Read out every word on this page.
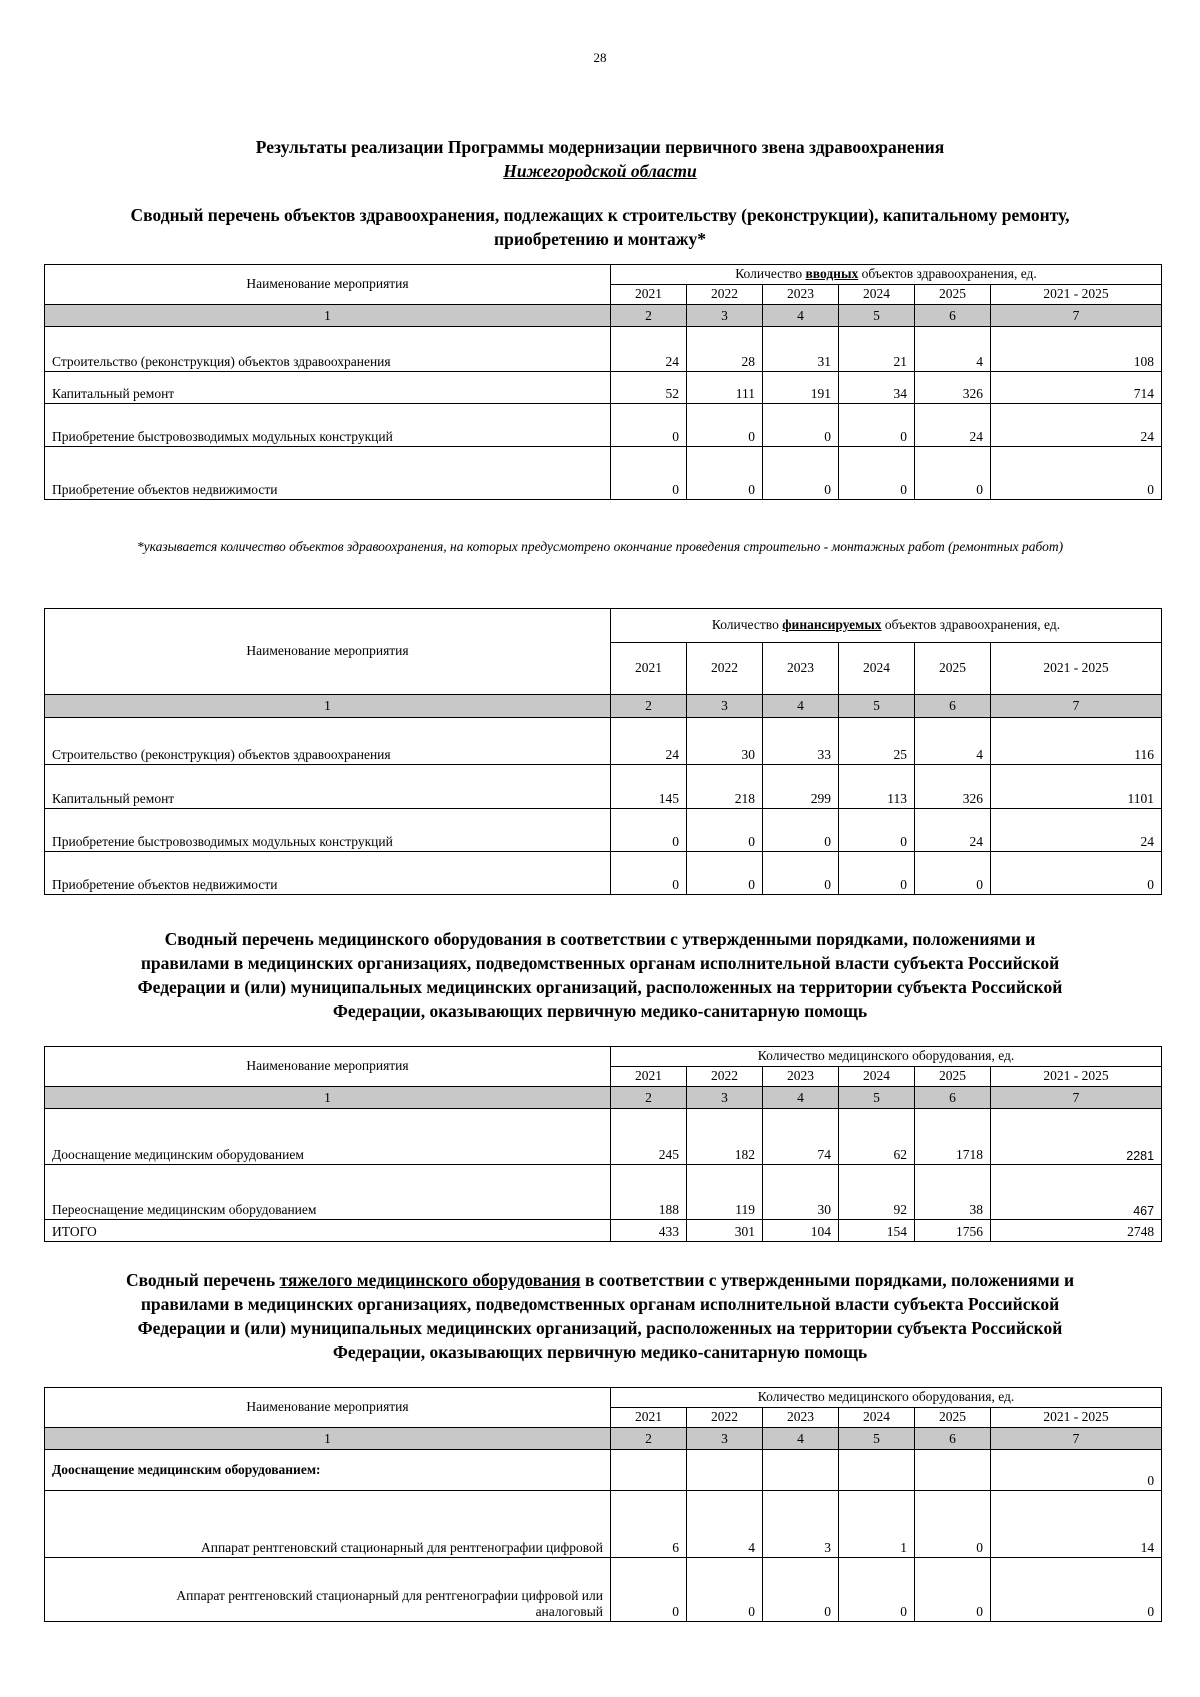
28
Результаты реализации Программы модернизации первичного звена здравоохранения
Нижегородской области
Сводный перечень объектов здравоохранения, подлежащих к строительству (реконструкции), капитальному ремонту,
приобретению и монтажу*
Наименование мероприятия	Количество вводных объектов здравоохранения, ед.					
	2021	2022	2023	2024	2025	2021 - 2025
1	2	3	4	5	6	7
Строительство (реконструкция) объектов здравоохранения	24	28	31	21	4	108
Капитальный ремонт	52	111	191	34	326	714
Приобретение быстровозводимых модульных конструкций	0	0	0	0	24	24
Приобретение объектов недвижимости	0	0	0	0	0	0
*указывается количество объектов здравоохранения, на которых предусмотрено окончание проведения строительно - монтажных работ (ремонтных работ)
Наименование мероприятия	Количество финансируемых объектов здравоохранения, ед.					
	2021	2022	2023	2024	2025	2021 - 2025
1	2	3	4	5	6	7
Строительство (реконструкция) объектов здравоохранения	24	30	33	25	4	116
Капитальный ремонт	145	218	299	113	326	1101
Приобретение быстровозводимых модульных конструкций	0	0	0	0	24	24
Приобретение объектов недвижимости	0	0	0	0	0	0
Сводный перечень медицинского оборудования в соответствии с утвержденными порядками, положениями и
правилами в медицинских организациях, подведомственных органам исполнительной власти субъекта Российской
Федерации и (или) муниципальных медицинских организаций, расположенных на территории субъекта Российской
Федерации, оказывающих первичную медико-санитарную помощь
Наименование мероприятия	Количество медицинского оборудования, ед.					
	2021	2022	2023	2024	2025	2021 - 2025
1	2	3	4	5	6	7
Дооснащение медицинским оборудованием	245	182	74	62	1718	2281
Переоснащение медицинским оборудованием	188	119	30	92	38	467
ИТОГО	433	301	104	154	1756	2748
Сводный перечень тяжелого медицинского оборудования в соответствии с утвержденными порядками, положениями и
правилами в медицинских организациях, подведомственных органам исполнительной власти субъекта Российской
Федерации и (или) муниципальных медицинских организаций, расположенных на территории субъекта Российской
Федерации, оказывающих первичную медико-санитарную помощь
Наименование мероприятия	Количество медицинского оборудования, ед.					
	2021	2022	2023	2024	2025	2021 - 2025
1	2	3	4	5	6	7
Дооснащение медицинским оборудованием:						0
Аппарат рентгеновский стационарный для рентгенографии цифровой	6	4	3	1	0	14

Аппарат рентгеновский стационарный для рентгенографии цифровой или
аналоговый	0	0	0	0	0	0
